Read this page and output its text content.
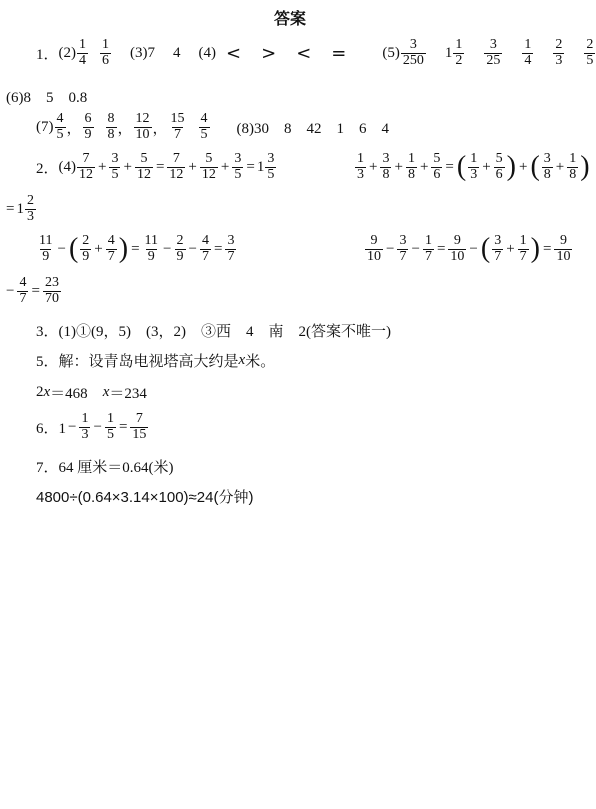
答案
1． $(2) \frac{1}{4} \frac{1}{6} (3)$ 7 4 (4) < > < = $(5) \frac{3}{250} 1 \frac{1}{2} \frac{3}{25} \frac{1}{4} \frac{2}{3} \frac{2}{5}$
(6)8　5　0.8
$(7) \frac{4}{5}$ ， $\frac{6}{9} \frac{8}{8}$ ， $\frac{12}{10}$ ， $\frac{15}{7} \frac{4}{5} (8)30$　8　42　1　6　4
2． $(4) \frac{7}{12} + \frac{3}{5} + \frac{5}{12} = \frac{7}{12} + \frac{5}{12} + \frac{3}{5} = 1 \frac{3}{5}$	$\frac{1}{3} + \frac{3}{8} + \frac{1}{8} + \frac{5}{6}$ = ( $\frac{1}{3} + \frac{5}{6}$ ) + ( $\frac{3}{8} + \frac{1}{8}$ )
= $1 \frac{2}{3}$
$\frac{11}{9}$ − ( $\frac{2}{9} + \frac{4}{7}$ ) = $\frac{11}{9} - \frac{2}{9} - \frac{4}{7} = \frac{3}{7}$	$\frac{9}{10} - \frac{3}{7} - \frac{1}{7} = \frac{9}{10}$ − ( $\frac{3}{7} + \frac{1}{7}$ ) = $\frac{9}{10}$
− $\frac{4}{7} = \frac{23}{70}$
3．(1)①(9，5)　(3，2)　③西　4　南　2(答案不唯一)
5．解：设青岛电视塔高大约是 x 米。
2 x ＝468　 x ＝234
6．$1 - \frac{1}{3} - \frac{1}{5} = \frac{7}{15}$
7．64 厘米＝0.64(米)
4800÷(0.64×3.14×100)≈24(分钟)
